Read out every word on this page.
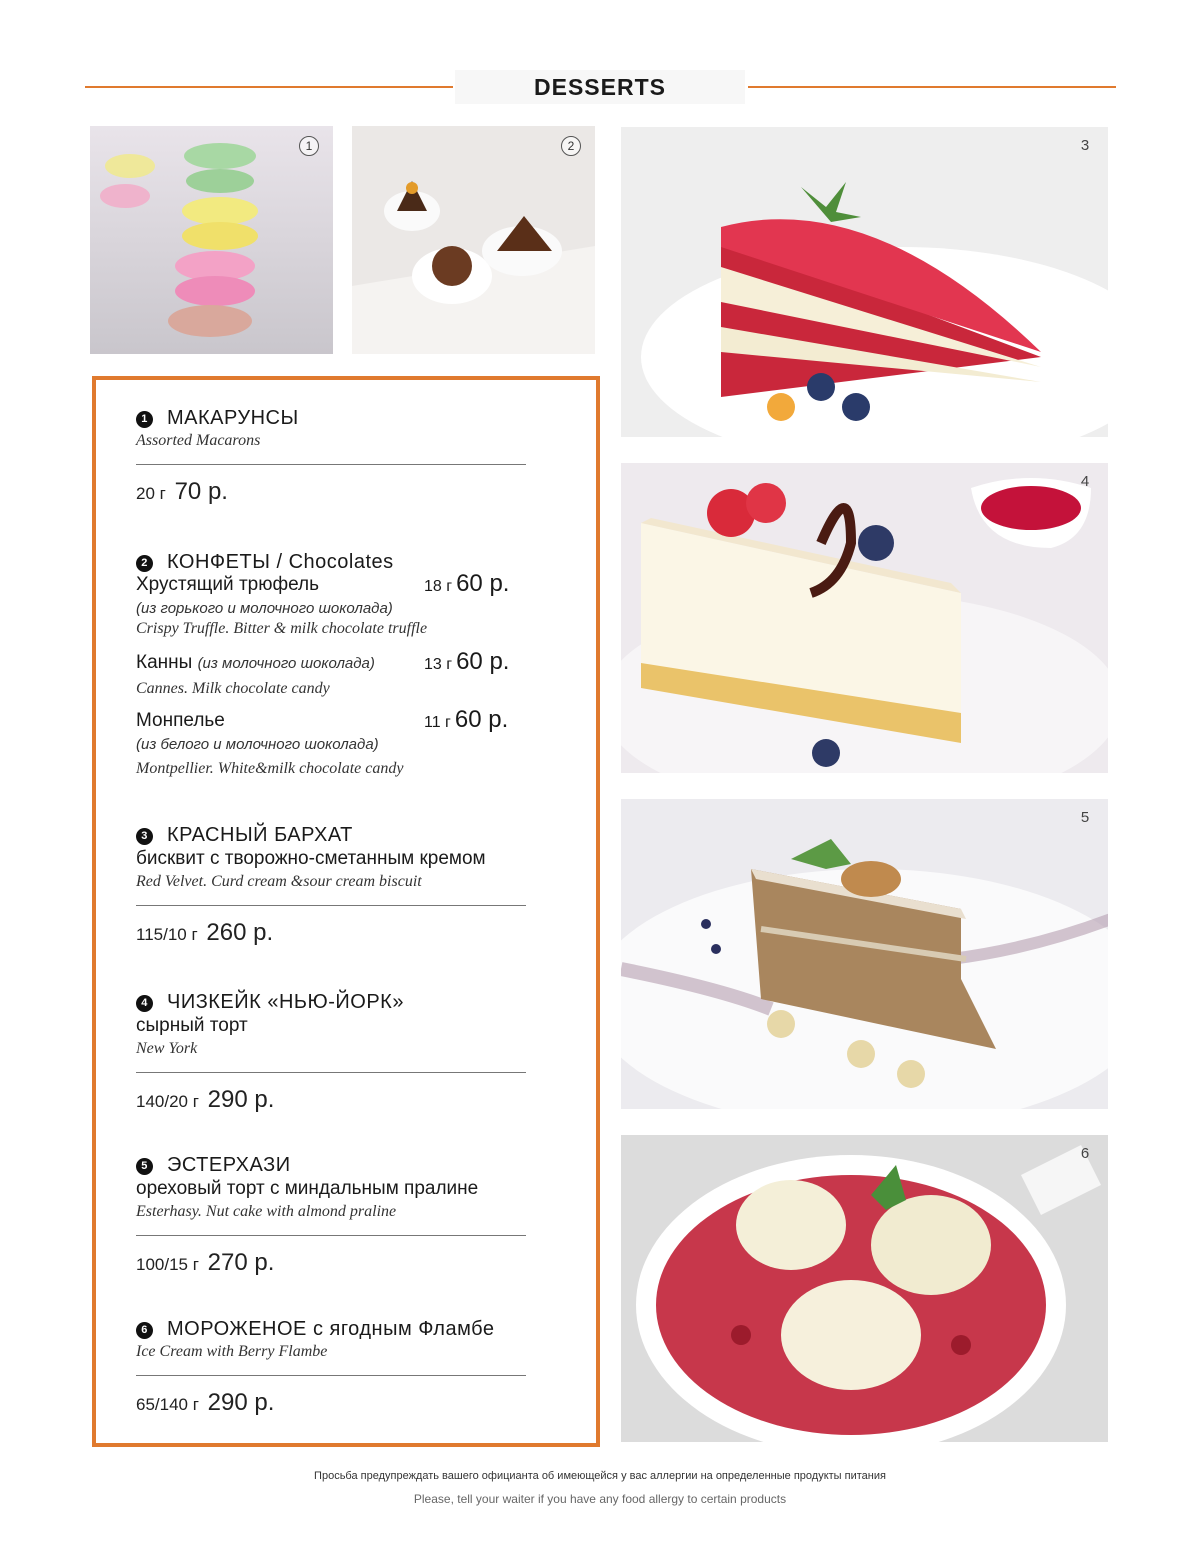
DESSERTS
1	2	3
4
5
6
1 МАКАРУНСЫ
Assorted Macarons
20 г 70 р.
2 КОНФЕТЫ / Chocolates
Хрустящий трюфель	18 г 60 р.
(из горького и молочного шоколада)
Crispy Truffle. Bitter & milk chocolate truffle
Канны (из молочного шоколада)	13 г 60 р.
Cannes. Milk chocolate candy
Монпелье	11 г 60 р.
(из белого и молочного шоколада)
Montpellier. White&milk chocolate candy
3 КРАСНЫЙ БАРХАТ
бисквит с творожно-сметанным кремом
Red Velvet. Curd cream &sour cream biscuit
115/10 г 260 р.
4 ЧИЗКЕЙК «НЬЮ-ЙОРК»
сырный торт
New York
140/20 г 290 р.
5 ЭСТЕРХАЗИ
ореховый торт с миндальным пралине
Esterhasy. Nut cake with almond praline
100/15 г 270 р.
6 МОРОЖЕНОЕ с ягодным Фламбе
Ice Cream with Berry Flambe
65/140 г 290 р.
Просьба предупреждать вашего официанта об имеющейся у вас аллергии на определенные продукты питания
Please, tell your waiter if you have any food allergy to certain products
